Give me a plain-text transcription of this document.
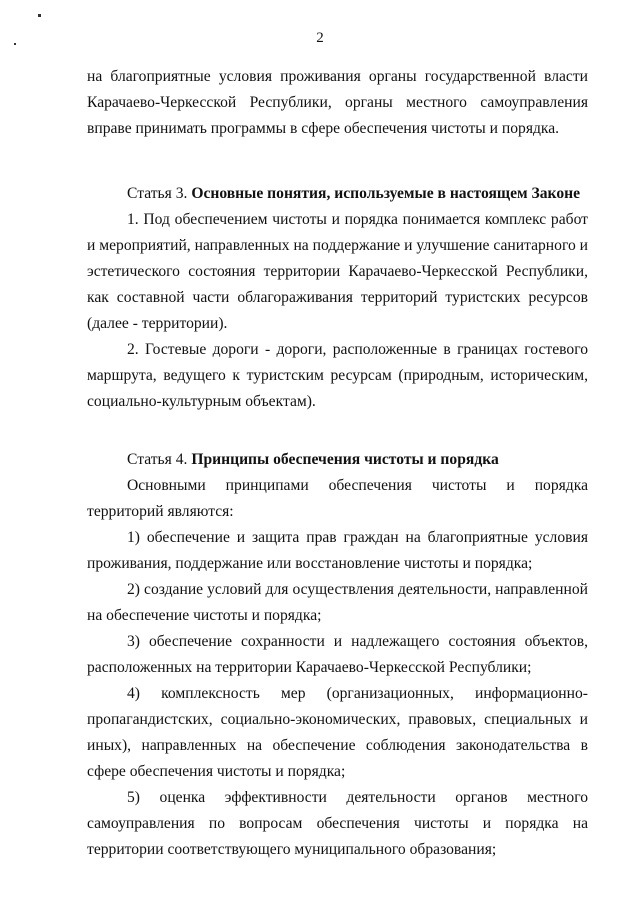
2

на благоприятные условия проживания органы государственной власти Карачаево-Черкесской Республики, органы местного самоуправления вправе принимать программы в сфере обеспечения чистоты и порядка.

Статья 3. Основные понятия, используемые в настоящем Законе

1. Под обеспечением чистоты и порядка понимается комплекс работ и мероприятий, направленных на поддержание и улучшение санитарного и эстетического состояния территории Карачаево-Черкесской Республики, как составной части облагораживания территорий туристских ресурсов (далее - территории).

2. Гостевые дороги - дороги, расположенные в границах гостевого маршрута, ведущего к туристским ресурсам (природным, историческим, социально-культурным объектам).

Статья 4. Принципы обеспечения чистоты и порядка

Основными принципами обеспечения чистоты и порядка территорий являются:

1) обеспечение и защита прав граждан на благоприятные условия проживания, поддержание или восстановление чистоты и порядка;

2) создание условий для осуществления деятельности, направленной на обеспечение чистоты и порядка;

3) обеспечение сохранности и надлежащего состояния объектов, расположенных на территории Карачаево-Черкесской Республики;

4) комплексность мер (организационных, информационно-пропагандистских, социально-экономических, правовых, специальных и иных), направленных на обеспечение соблюдения законодательства в сфере обеспечения чистоты и порядка;

5) оценка эффективности деятельности органов местного самоуправления по вопросам обеспечения чистоты и порядка на территории соответствующего муниципального образования;
